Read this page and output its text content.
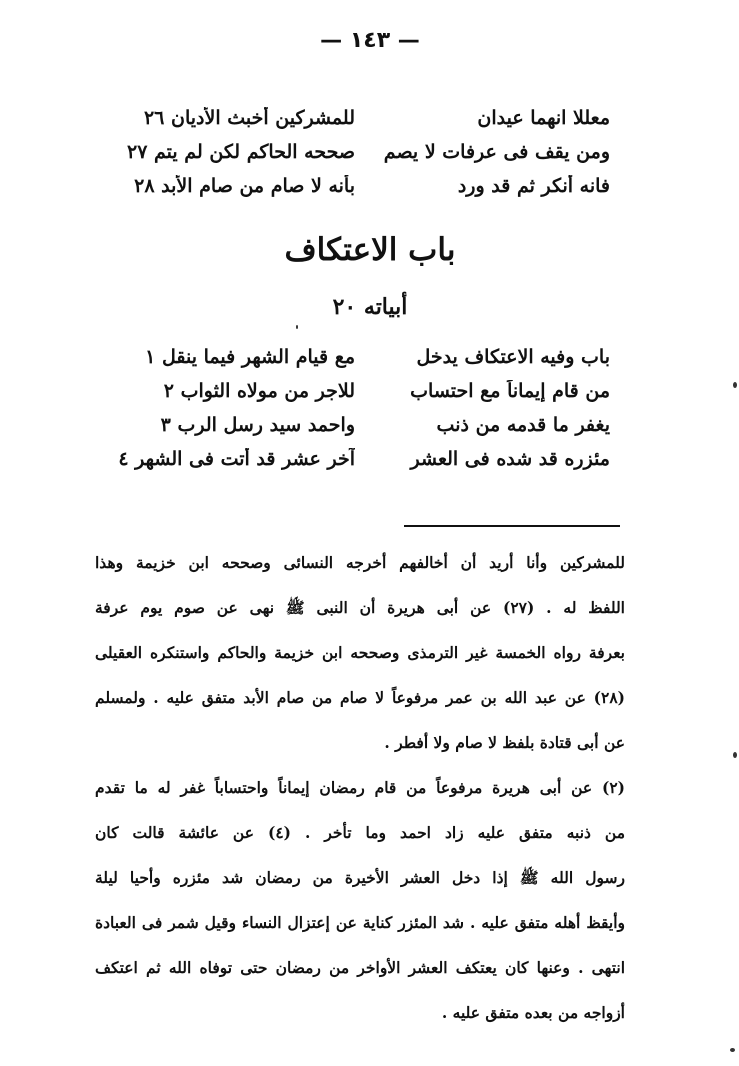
— ١٤٣ —
معللا انهما عيدان
للمشركين أخبث الأديان ٢٦
ومن يقف فى عرفات لا يصم
صححه الحاكم لكن لم يتم ٢٧
فانه أنكر ثم قد ورد
بأنه لا صام من صام الأبد ٢٨
باب الاعتكاف
أبياته ٢٠
باب وفيه الاعتكاف يدخل
مع قيام الشهر فيما ينقل ١
من قام إيماناً مع احتساب
للاجر من مولاه الثواب ٢
يغفر ما قدمه من ذنب
واحمد سيد رسل الرب ٣
مئزره قد شده فى العشر
آخر عشر قد أتت فى الشهر ٤
للمشركين وأنا أريد أن أخالفهم أخرجه النسائى وصححه ابن خزيمة وهذا
اللفظ له . (٢٧) عن أبى هريرة أن النبى ﷺ نهى عن صوم يوم عرفة
بعرفة رواه الخمسة غير الترمذى وصححه ابن خزيمة والحاكم واستنكره العقيلى
(٢٨) عن عبد الله بن عمر مرفوعاً لا صام من صام الأبد متفق عليه . ولمسلم
عن أبى قتادة بلفظ لا صام ولا أفطر .
(٢) عن أبى هريرة مرفوعاً من قام رمضان إيماناً واحتساباً غفر له ما تقدم
من ذنبه متفق عليه زاد احمد وما تأخر . (٤) عن عائشة قالت كان
رسول الله ﷺ إذا دخل العشر الأخيرة من رمضان شد مئزره وأحيا ليلة
وأيقظ أهله متفق عليه . شد المئزر كناية عن إعتزال النساء وقيل شمر فى العبادة
انتهى . وعنها كان يعتكف العشر الأواخر من رمضان حتى توفاه الله ثم اعتكف
أزواجه من بعده متفق عليه .
